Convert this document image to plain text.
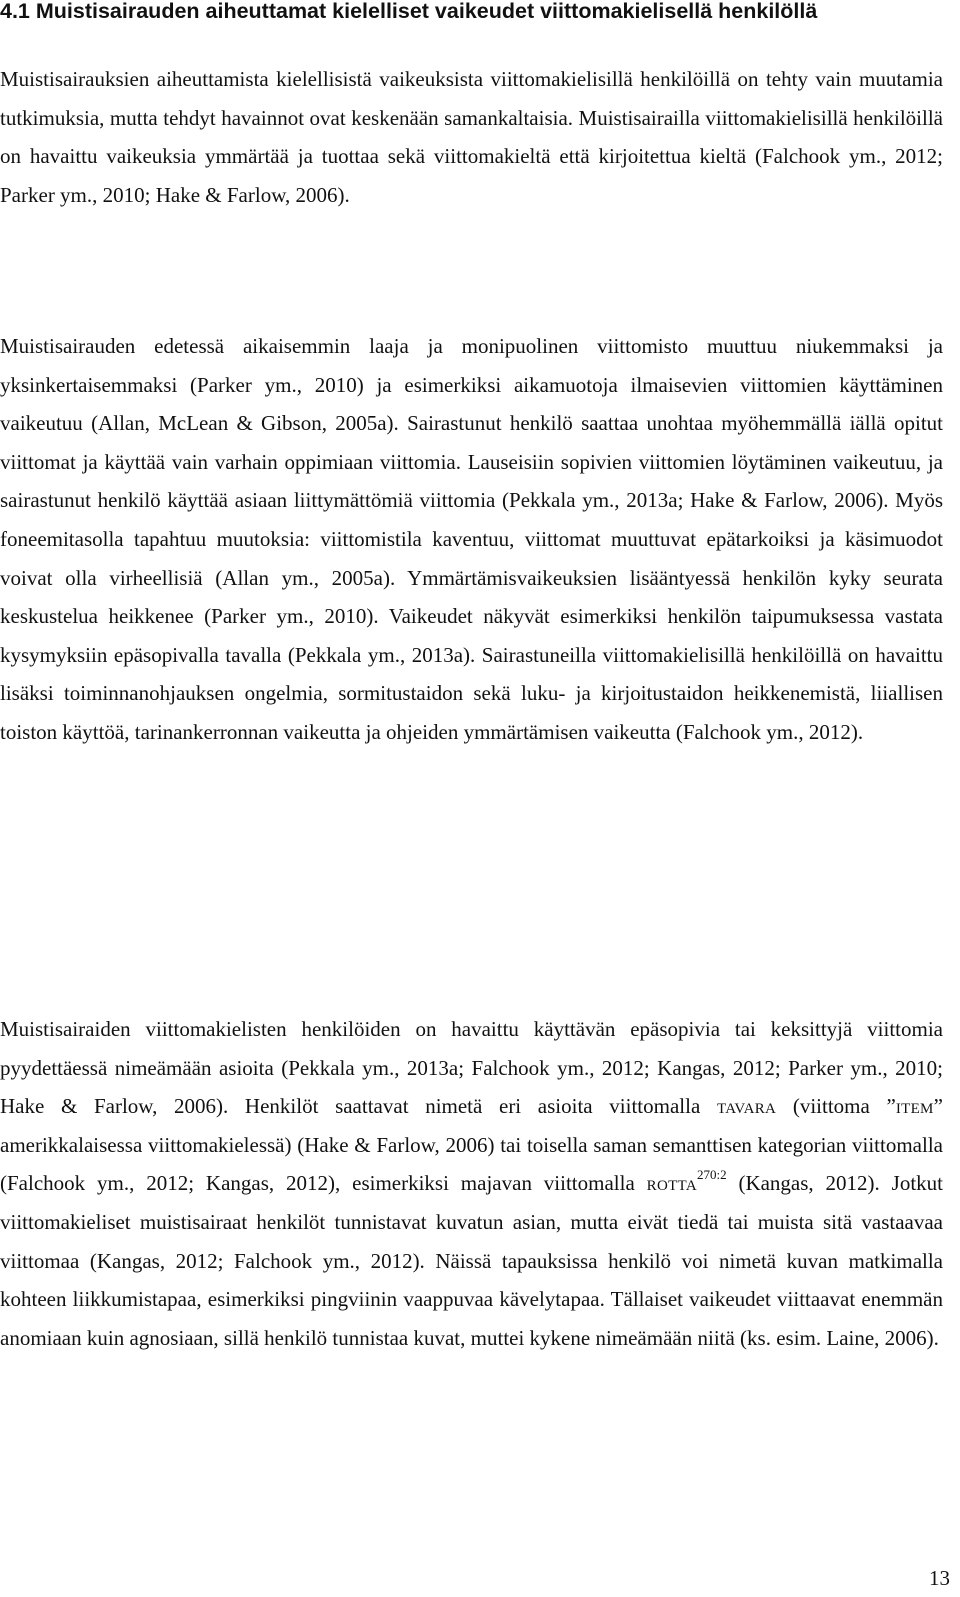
4.1 Muistisairauden aiheuttamat kielelliset vaikeudet viittomakielisellä henkilöllä

Muistisairauksien aiheuttamista kielellisistä vaikeuksista viittomakielisillä henkilöillä on tehty vain muutamia tutkimuksia, mutta tehdyt havainnot ovat keskenään samankaltaisia. Muistisairailla viittomakielisillä henkilöillä on havaittu vaikeuksia ymmärtää ja tuottaa sekä viittomakieltä että kirjoitettua kieltä (Falchook ym., 2012; Parker ym., 2010; Hake & Farlow, 2006).

Muistisairauden edetessä aikaisemmin laaja ja monipuolinen viittomisto muuttuu niukemmaksi ja yksinkertaisemmaksi (Parker ym., 2010) ja esimerkiksi aikamuotoja ilmaisevien viittomien käyttäminen vaikeutuu (Allan, McLean & Gibson, 2005a). Sairastunut henkilö saattaa unohtaa myöhemmällä iällä opitut viittomat ja käyttää vain varhain oppimiaan viittomia. Lauseisiin sopivien viittomien löytäminen vaikeutuu, ja sairastunut henkilö käyttää asiaan liittymättömiä viittomia (Pekkala ym., 2013a; Hake & Farlow, 2006). Myös foneemitasolla tapahtuu muutoksia: viittomistila kaventuu, viittomat muuttuvat epätarkoiksi ja käsimuodot voivat olla virheellisiä (Allan ym., 2005a). Ymmärtämisvaikeuksien lisääntyessä henkilön kyky seurata keskustelua heikkenee (Parker ym., 2010). Vaikeudet näkyvät esimerkiksi henkilön taipumuksessa vastata kysymyksiin epäsopivalla tavalla (Pekkala ym., 2013a). Sairastuneilla viittomakielisillä henkilöillä on havaittu lisäksi toiminnanohjauksen ongelmia, sormitustaidon sekä luku- ja kirjoitustaidon heikkenemistä, liiallisen toiston käyttöä, tarinankerronnan vaikeutta ja ohjeiden ymmärtämisen vaikeutta (Falchook ym., 2012).

Muistisairaiden viittomakielisten henkilöiden on havaittu käyttävän epäsopivia tai keksittyjä viittomia pyydettäessä nimeämään asioita (Pekkala ym., 2013a; Falchook ym., 2012; Kangas, 2012; Parker ym., 2010; Hake & Farlow, 2006). Henkilöt saattavat nimetä eri asioita viittomalla tavara (viittoma ”item” amerikkalaisessa viittomakielessä) (Hake & Farlow, 2006) tai toisella saman semanttisen kategorian viittomalla (Falchook ym., 2012; Kangas, 2012), esimerkiksi majavan viittomalla rotta$^{270:2}$ (Kangas, 2012). Jotkut viittomakieliset muistisairaat henkilöt tunnistavat kuvatun asian, mutta eivät tiedä tai muista sitä vastaavaa viittomaa (Kangas, 2012; Falchook ym., 2012). Näissä tapauksissa henkilö voi nimetä kuvan matkimalla kohteen liikkumistapaa, esimerkiksi pingviinin vaappuvaa kävelytapaa. Tällaiset vaikeudet viittaavat enemmän anomiaan kuin agnosiaan, sillä henkilö tunnistaa kuvat, muttei kykene nimeämään niitä (ks. esim. Laine, 2006).

13
